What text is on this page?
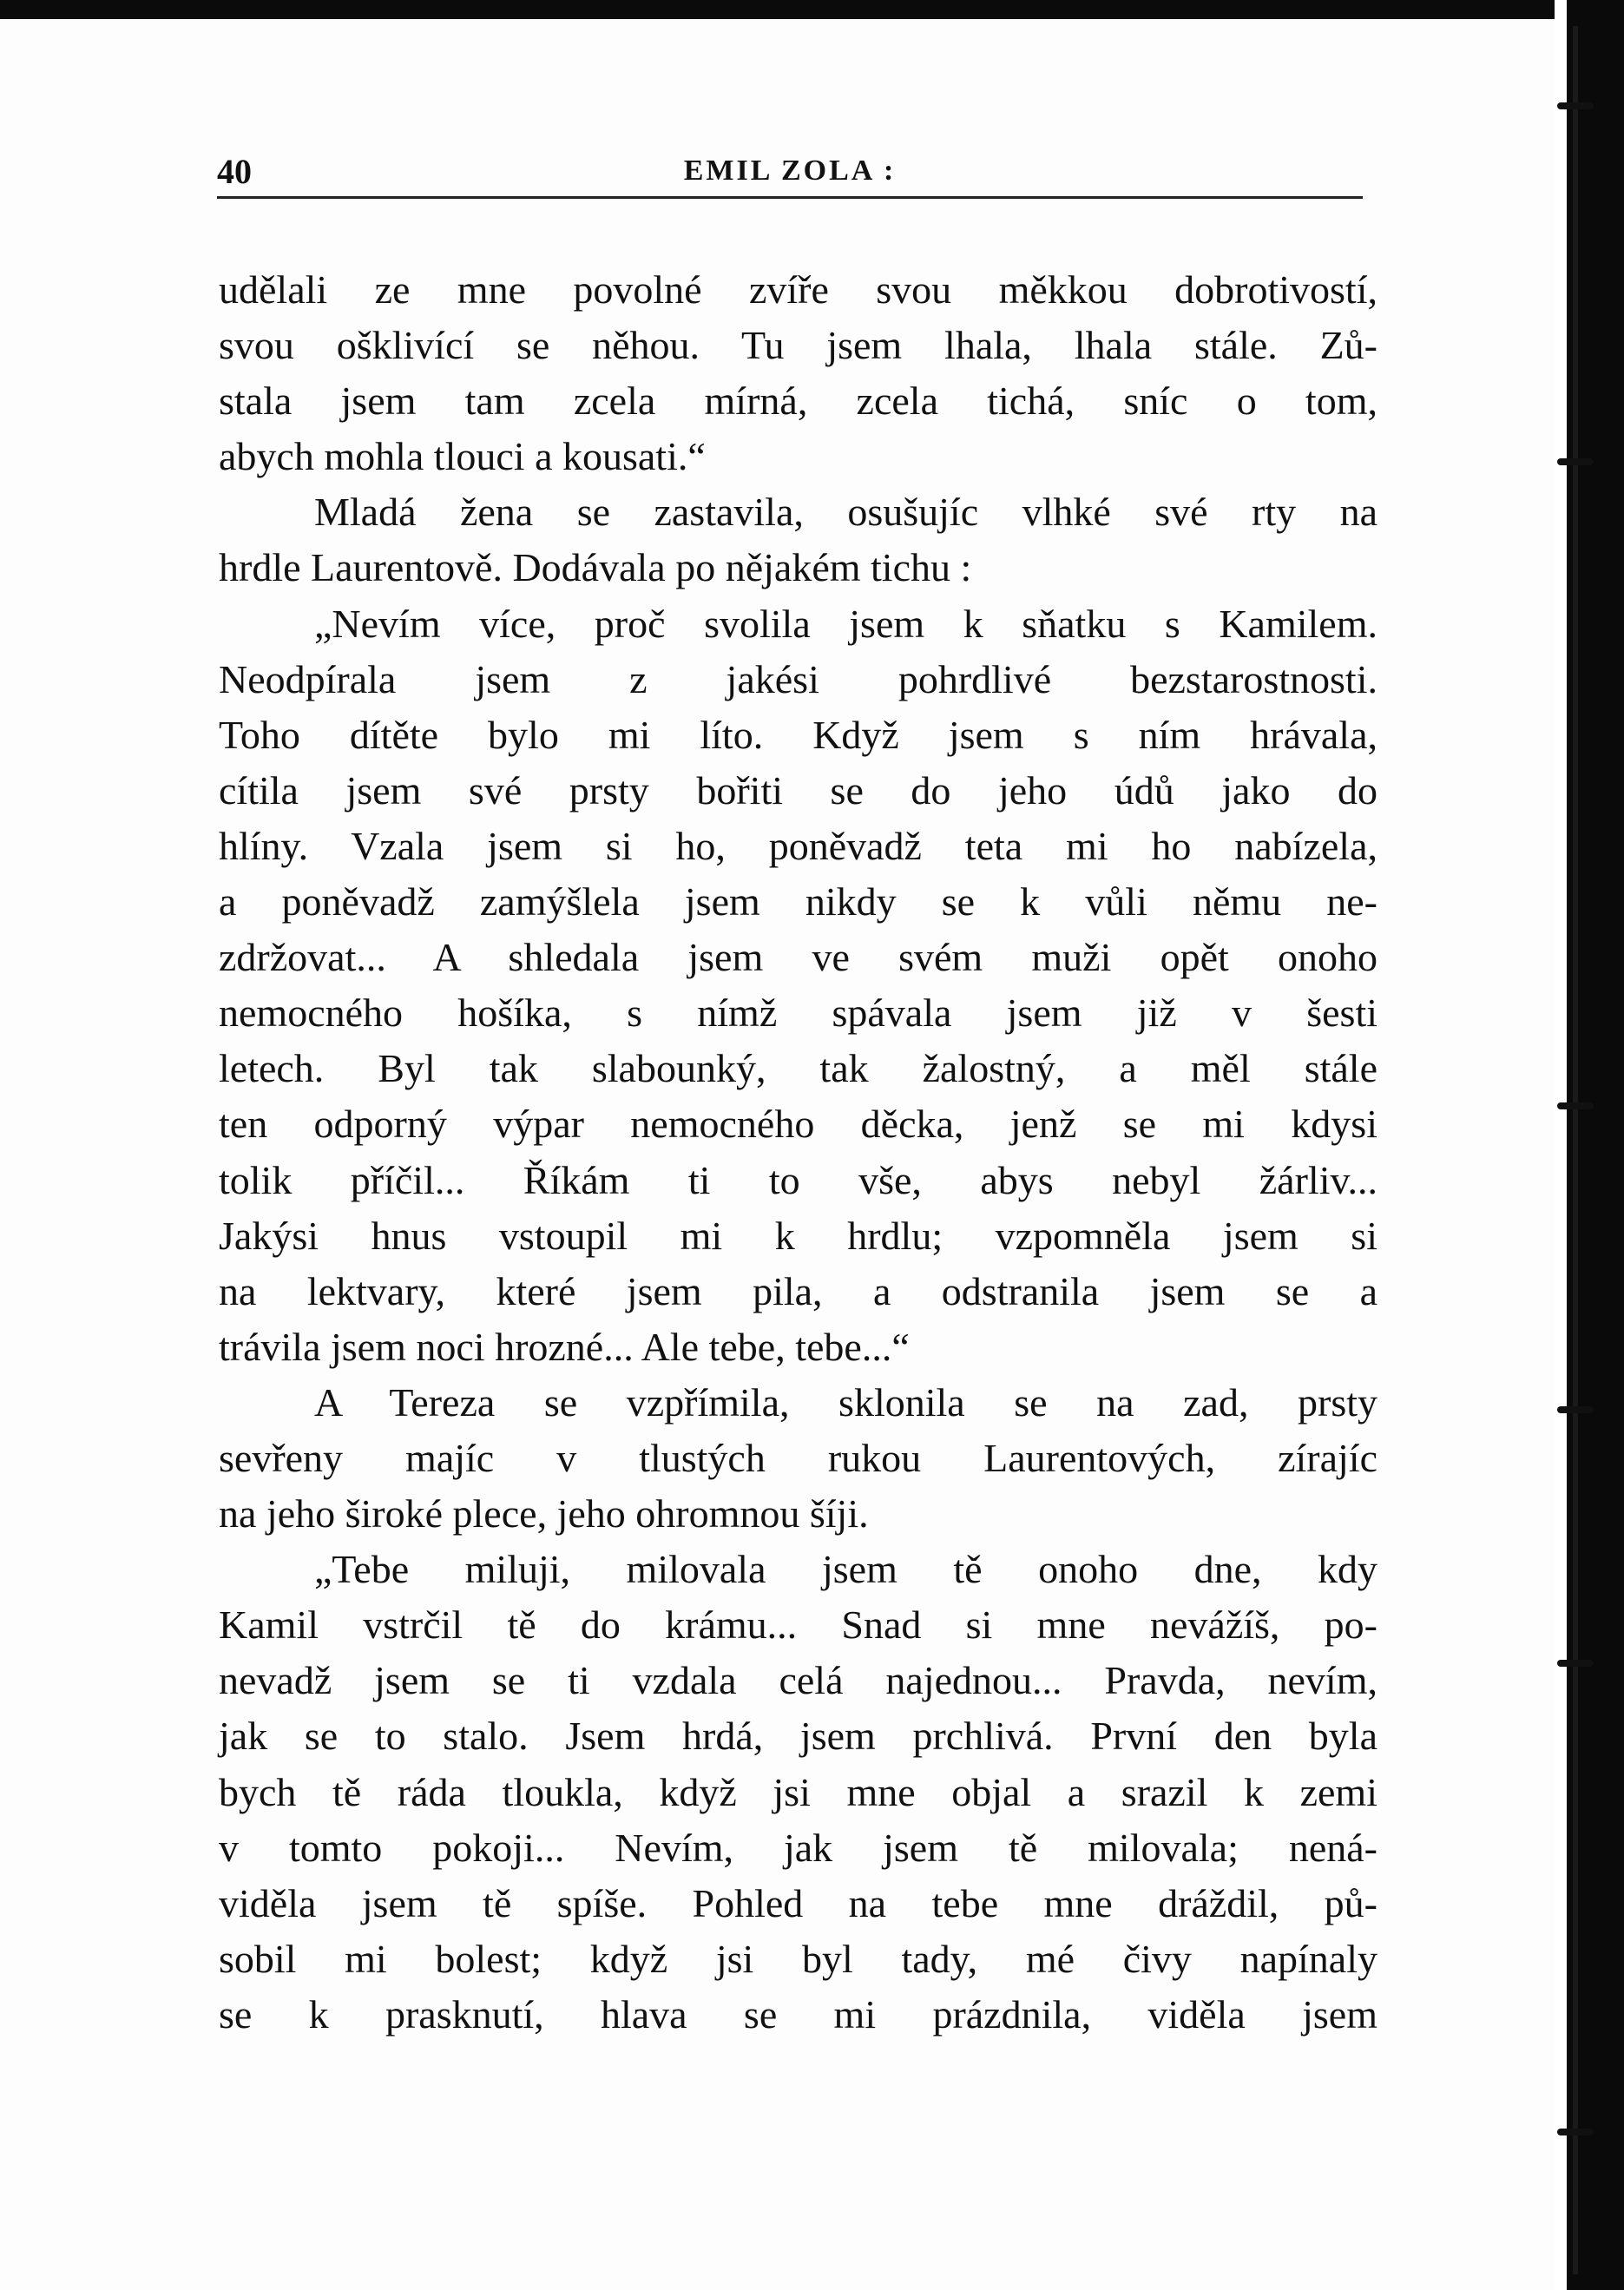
40	EMIL ZOLA :
udělali ze mne povolné zvíře svou měkkou dobrotivostí,
svou ošklivící se něhou. Tu jsem lhala, lhala stále. Zů-
stala jsem tam zcela mírná, zcela tichá, sníc o tom,
abych mohla tlouci a kousati.“
Mladá žena se zastavila, osušujíc vlhké své rty na
hrdle Laurentově. Dodávala po nějakém tichu :
„Nevím více, proč svolila jsem k sňatku s Kamilem.
Neodpírala jsem z jakési pohrdlivé bezstarostnosti.
Toho dítěte bylo mi líto. Když jsem s ním hrávala,
cítila jsem své prsty bořiti se do jeho údů jako do
hlíny. Vzala jsem si ho, poněvadž teta mi ho nabízela,
a poněvadž zamýšlela jsem nikdy se k vůli němu ne-
zdržovat... A shledala jsem ve svém muži opět onoho
nemocného hošíka, s nímž spávala jsem již v šesti
letech. Byl tak slabounký, tak žalostný, a měl stále
ten odporný výpar nemocného děcka, jenž se mi kdysi
tolik příčil... Říkám ti to vše, abys nebyl žárliv...
Jakýsi hnus vstoupil mi k hrdlu; vzpomněla jsem si
na lektvary, které jsem pila, a odstranila jsem se a
trávila jsem noci hrozné... Ale tebe, tebe...“
A Tereza se vzpřímila, sklonila se na zad, prsty
sevřeny majíc v tlustých rukou Laurentových, zírajíc
na jeho široké plece, jeho ohromnou šíji.
„Tebe miluji, milovala jsem tě onoho dne, kdy
Kamil vstrčil tě do krámu... Snad si mne nevážíš, po-
nevadž jsem se ti vzdala celá najednou... Pravda, nevím,
jak se to stalo. Jsem hrdá, jsem prchlivá. První den byla
bych tě ráda tloukla, když jsi mne objal a srazil k zemi
v tomto pokoji... Nevím, jak jsem tě milovala; nená-
viděla jsem tě spíše. Pohled na tebe mne dráždil, pů-
sobil mi bolest; když jsi byl tady, mé čivy napínaly
se k prasknutí, hlava se mi prázdnila, viděla jsem
